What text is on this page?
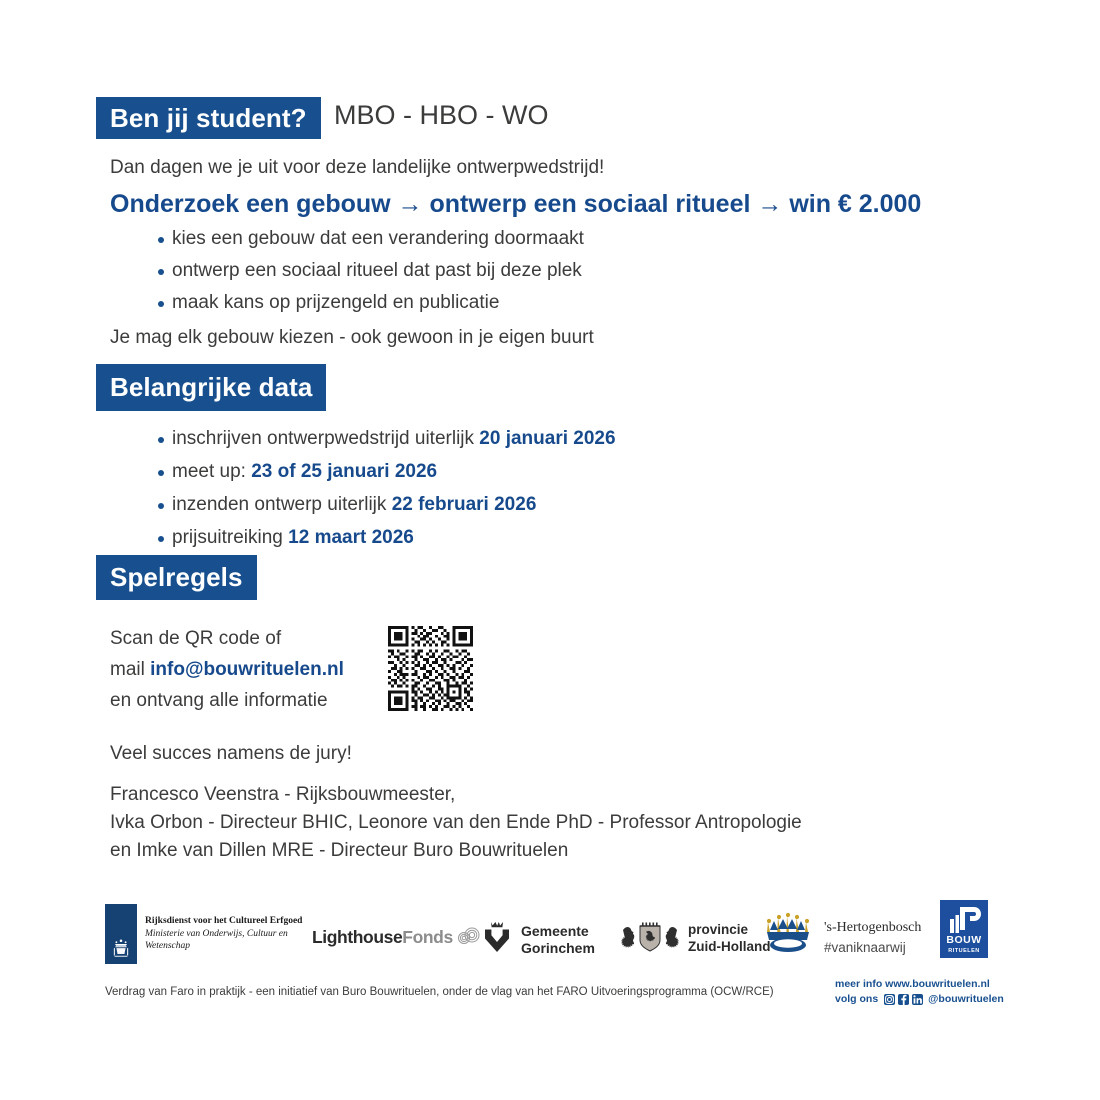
Ben jij student?	MBO - HBO - WO
Dan dagen we je uit voor deze landelijke ontwerpwedstrijd!
Onderzoek een gebouw → ontwerp een sociaal ritueel → win € 2.000
kies een gebouw dat een verandering doormaakt
ontwerp een sociaal ritueel dat past bij deze plek
maak kans op prijzengeld en publicatie
Je mag elk gebouw kiezen - ook gewoon in je eigen buurt
Belangrijke data
inschrijven ontwerpwedstrijd uiterlijk 20 januari 2026
meet up: 23 of 25 januari 2026
inzenden ontwerp uiterlijk 22 februari 2026
prijsuitreiking 12 maart 2026
Spelregels
Scan de QR code of
mail info@bouwrituelen.nl
en ontvang alle informatie
Veel succes namens de jury!
Francesco Veenstra - Rijksbouwmeester,
Ivka Orbon - Directeur BHIC, Leonore van den Ende PhD - Professor Antropologie
en Imke van Dillen MRE - Directeur Buro Bouwrituelen
Rijksdienst voor het Cultureel Erfgoed
Ministerie van Onderwijs, Cultuur en
Wetenschap	LighthouseFonds	Gemeente
Gorinchem
provincie
Zuid-Holland
's-Hertogenbosch
#vaniknaarwij	BOUW
RITUELEN
Verdrag van Faro in praktijk - een initiatief van Buro Bouwrituelen, onder de vlag van het FARO Uitvoeringsprogramma (OCW/RCE)
meer info www.bouwrituelen.nl
volg ons	@bouwrituelen
